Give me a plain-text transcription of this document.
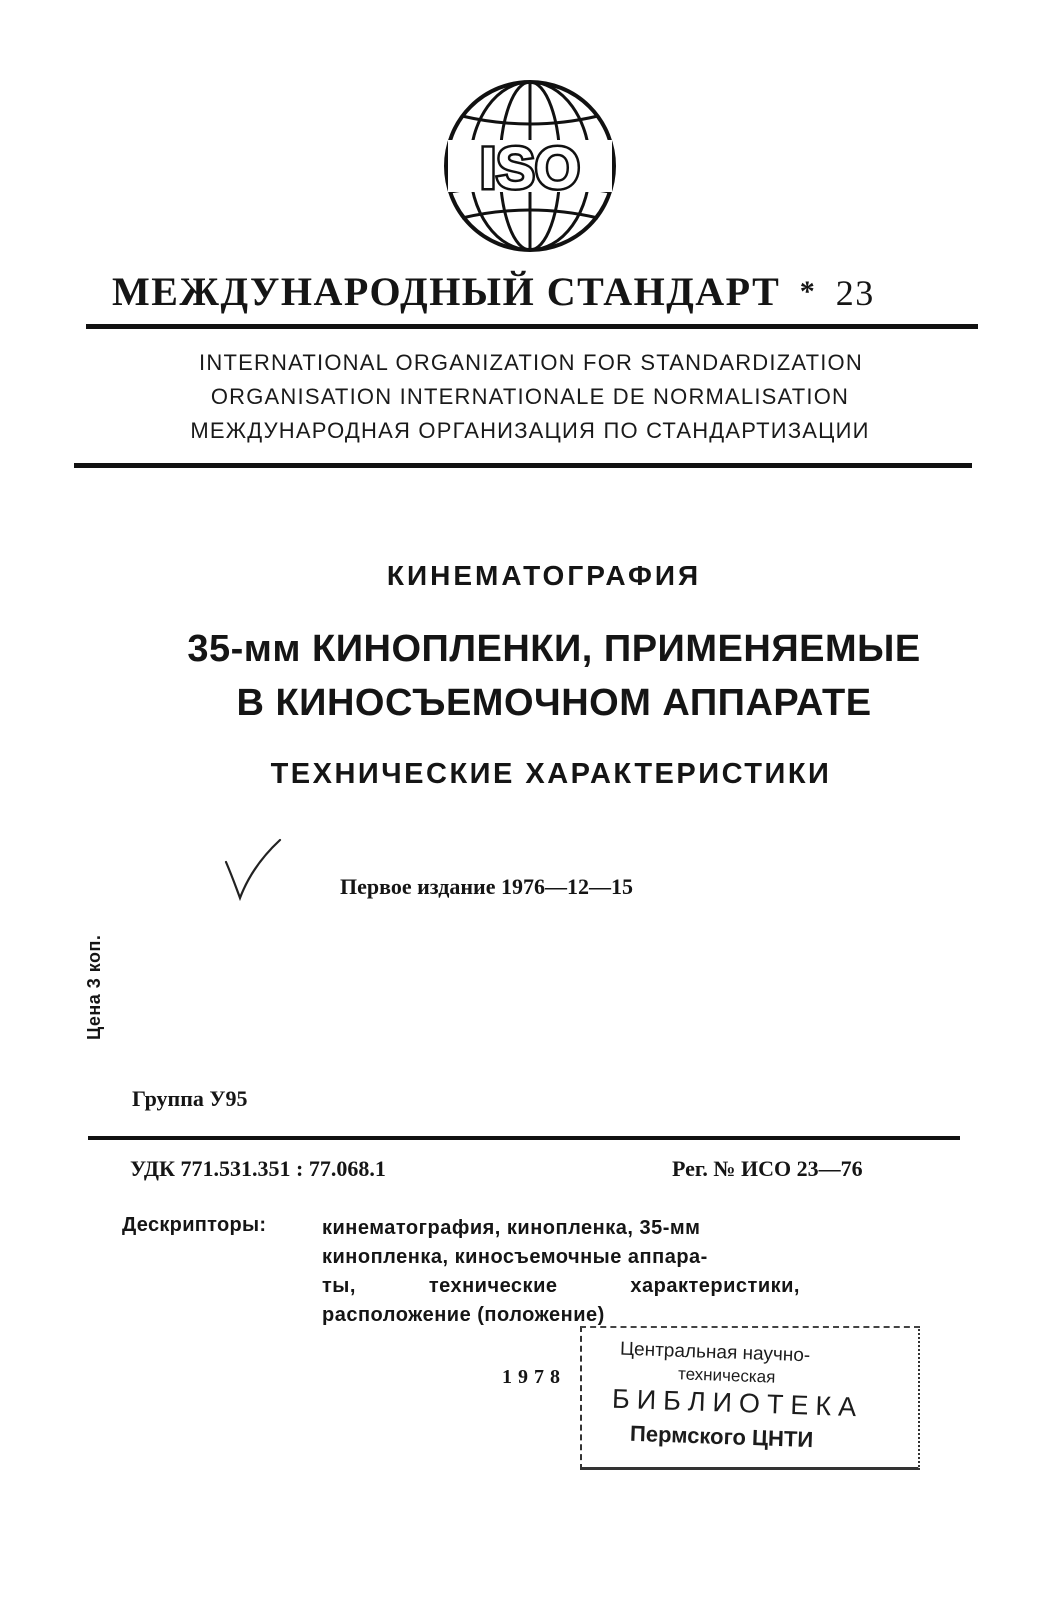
ISO
МЕЖДУНАРОДНЫЙ СТАНДАРТ * 23
INTERNATIONAL ORGANIZATION FOR STANDARDIZATION
ORGANISATION INTERNATIONALE DE NORMALISATION
МЕЖДУНАРОДНАЯ ОРГАНИЗАЦИЯ ПО СТАНДАРТИЗАЦИИ
КИНЕМАТОГРАФИЯ
35-мм КИНОПЛЕНКИ, ПРИМЕНЯЕМЫЕ
В КИНОСЪЕМОЧНОМ АППАРАТЕ
ТЕХНИЧЕСКИЕ ХАРАКТЕРИСТИКИ
Первое издание 1976—12—15
Цена 3 коп.
Группа У95
УДК 771.531.351 : 77.068.1	Рег. № ИСО 23—76
Дескрипторы:	кинематография, кинопленка, 35-мм
кинопленка, киносъемочные аппара-
ты,	технические	характеристики,
расположение (положение)
1978
Центральная научно-
техническая
БИБЛИОТЕКА
Пермского ЦНТИ
